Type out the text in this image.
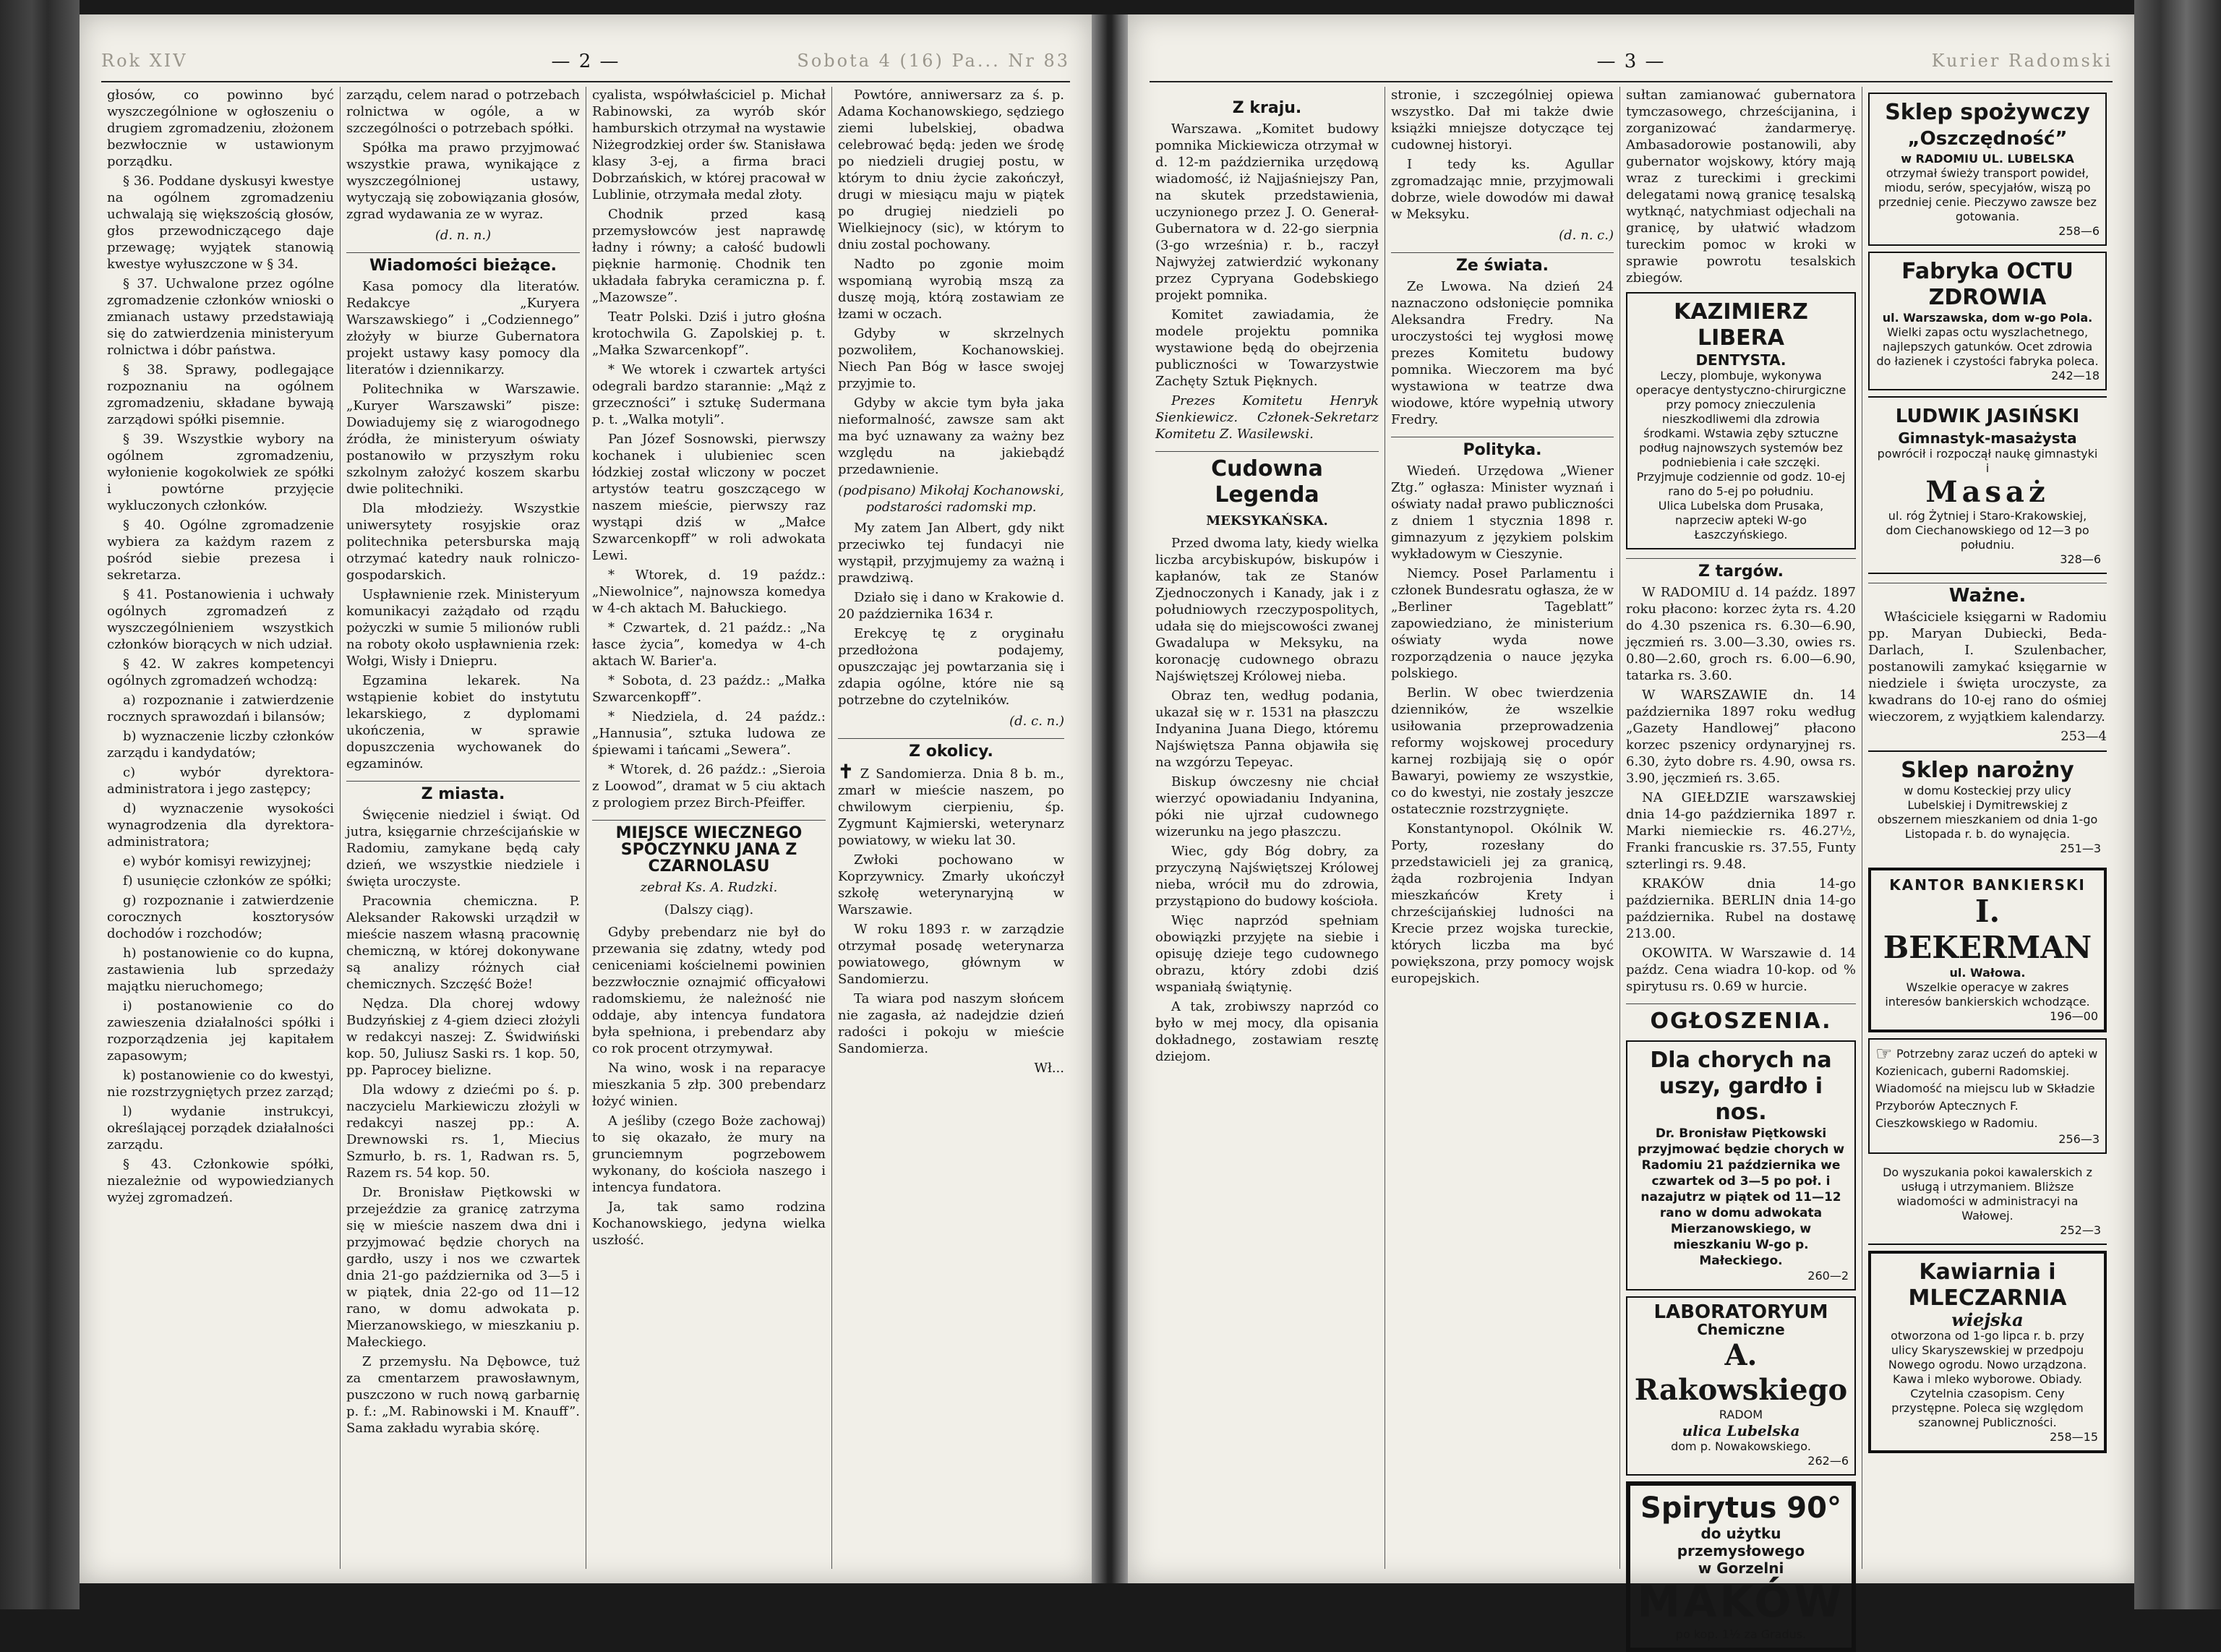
Rok XIV	— 2 —	Sobota 4 (16) Pa... Nr 83

głosów, co powinno być wyszczególnione w ogłoszeniu o drugiem zgromadzeniu, złożonem bezwłocznie w ustawionym porządku.

§ 36. Poddane dyskusyi kwestye na ogólnem zgromadzeniu uchwalają się większością głosów, głos przewodniczącego daje przewagę; wyjątek stanowią kwestye wyłuszczone w § 34.

§ 37. Uchwalone przez ogólne zgromadzenie członków wnioski o zmianach ustawy przedstawiają się do zatwierdzenia ministeryum rolnictwa i dóbr państwa.

§ 38. Sprawy, podlegające rozpoznaniu na ogólnem zgromadzeniu, składane bywają zarządowi spółki pisemnie.

§ 39. Wszystkie wybory na ogólnem zgromadzeniu, wyłonienie kogokolwiek ze spółki i powtórne przyjęcie wykluczonych członków.

§ 40. Ogólne zgromadzenie wybiera za każdym razem z pośród siebie prezesa i sekretarza.

§ 41. Postanowienia i uchwały ogólnych zgromadzeń z wyszczególnieniem wszystkich członków biorących w nich udział.

§ 42. W zakres kompetencyi ogólnych zgromadzeń wchodzą:

a) rozpoznanie i zatwierdzenie rocznych sprawozdań i bilansów;

b) wyznaczenie liczby członków zarządu i kandydatów;

c) wybór dyrektora-administratora i jego zastępcy;

d) wyznaczenie wysokości wynagrodzenia dla dyrektora-administratora;

e) wybór komisyi rewizyjnej;

f) usunięcie członków ze spółki;

g) rozpoznanie i zatwierdzenie corocznych kosztorysów dochodów i rozchodów;

h) postanowienie co do kupna, zastawienia lub sprzedaży majątku nieruchomego;

i) postanowienie co do zawieszenia działalności spółki i rozporządzenia jej kapitałem zapasowym;

k) postanowienie co do kwestyi, nie rozstrzygniętych przez zarząd;

l) wydanie instrukcyi, określającej porządek działalności zarządu.

§ 43. Członkowie spółki, niezależnie od wypowiedzianych wyżej zgromadzeń.

zarządu, celem narad o potrzebach rolnictwa w ogóle, a w szczególności o potrzebach spółki.

Spółka ma prawo przyjmować wszystkie prawa, wynikające z wyszczególnionej ustawy, wytyczają się zobowiązania głosów, zgrad wydawania ze w wyraz.

(d. n. n.)
Wiadomości bieżące.

Kasa pomocy dla literatów. Redakcye „Kuryera Warszawskiego” i „Codziennego” złożyły w biurze Gubernatora projekt ustawy kasy pomocy dla literatów i dziennikarzy.

Politechnika w Warszawie. „Kuryer Warszawski” pisze: Dowiadujemy się z wiarogodnego źródła, że ministeryum oświaty postanowiło w przyszłym roku szkolnym założyć koszem skarbu dwie politechniki.

Dla młodzieży. Wszystkie uniwersytety rosyjskie oraz politechnika petersburska mają otrzymać katedry nauk rolniczo-gospodarskich.

Uspławnienie rzek. Ministeryum komunikacyi zażądało od rządu pożyczki w sumie 5 milionów rubli na roboty około uspławnienia rzek: Wołgi, Wisły i Dniepru.

Egzamina lekarek. Na wstąpienie kobiet do instytutu lekarskiego, z dyplomami ukończenia, w sprawie dopuszczenia wychowanek do egzaminów.

Z miasta.

Święcenie niedziel i świąt. Od jutra, księgarnie chrześcijańskie w Radomiu, zamykane będą cały dzień, we wszystkie niedziele i święta uroczyste.

Pracownia chemiczna. P. Aleksander Rakowski urządził w mieście naszem własną pracownię chemiczną, w której dokonywane są analizy różnych ciał chemicznych. Szczęść Boże!

Nędza. Dla chorej wdowy Budzyńskiej z 4-giem dzieci złożyli w redakcyi naszej: Z. Świdwiński kop. 50, Juliusz Saski rs. 1 kop. 50, pp. Paprocey bielizne.

Dla wdowy z dziećmi po ś. p. naczycielu Markiewiczu złożyli w redakcyi naszej pp.: A. Drewnowski rs. 1, Miecius Szmurło, b. rs. 1, Radwan rs. 5, Razem rs. 54 kop. 50.

Dr. Bronisław Piętkowski w przejeździe za granicę zatrzyma się w mieście naszem dwa dni i przyjmować będzie chorych na gardło, uszy i nos we czwartek dnia 21-go października od 3—5 i w piątek, dnia 22-go od 11—12 rano, w domu adwokata p. Mierzanowskiego, w mieszkaniu p. Małeckiego.

Z przemysłu. Na Dębowce, tuż za cmentarzem prawosławnym, puszczono w ruch nową garbarnię p. f.: „M. Rabinowski i M. Knauff”. Sama zakładu wyrabia skórę.

cyalista, współwłaściciel p. Michał Rabinowski, za wyrób skór hamburskich otrzymał na wystawie Niżegrodzkiej order św. Stanisława klasy 3-ej, a firma braci Dobrzańskich, w której pracował w Lublinie, otrzymała medal złoty.

Chodnik przed kasą przemysłowców jest naprawdę ładny i równy; a całość budowli pięknie harmonię. Chodnik ten układała fabryka ceramiczna p. f. „Mazowsze”.

Teatr Polski. Dziś i jutro głośna krotochwila G. Zapolskiej p. t. „Małka Szwarcenkopf”.

* We wtorek i czwartek artyści odegrali bardzo starannie: „Mąż z grzeczności” i sztukę Sudermana p. t. „Walka motyli”.

Pan Józef Sosnowski, pierwszy kochanek i ulubieniec scen łódzkiej został wliczony w poczet artystów teatru goszczącego w naszem mieście, pierwszy raz wystąpi dziś w „Małce Szwarcenkopff” w roli adwokata Lewi.

* Wtorek, d. 19 paźdz.: „Niewolnice”, najnowsza komedya w 4-ch aktach M. Bałuckiego.

* Czwartek, d. 21 paźdz.: „Na łasce życia”, komedya w 4-ch aktach W. Barier'a.

* Sobota, d. 23 paźdz.: „Małka Szwarcenkopff”.

* Niedziela, d. 24 paźdz.: „Hannusia”, sztuka ludowa ze śpiewami i tańcami „Sewera”.

* Wtorek, d. 26 paźdz.: „Sieroia z Loowod”, dramat w 5 ciu aktach z prologiem przez Birch-Pfeiffer.

MIEJSCE WIECZNEGO SPOCZYNKU JANA Z CZARNOLASU
zebrał Ks. A. Rudzki.
(Dalszy ciąg).

Gdyby prebendarz nie był do przewania się zdatny, wtedy pod ceniceniami kościelnemi powinien bezzwłocznie oznajmić officyałowi radomskiemu, że należność nie oddaje, aby intencya fundatora była spełniona, i prebendarz aby co rok procent otrzymywał.

Na wino, wosk i na reparacye mieszkania 5 złp. 300 prebendarz łożyć winien.

A jeśliby (czego Boże zachowaj) to się okazało, że mury na grunciemnym pogrzebowem wykonany, do kościoła naszego i intencya fundatora.

Ja, tak samo rodzina Kochanowskiego, jedyna wielka uszłość.

Powtóre, anniwersarz za ś. p. Adama Kochanowskiego, sędziego ziemi lubelskiej, obadwa celebrować będą: jeden we środę po niedzieli drugiej postu, w którym to dniu życie zakończył, drugi w miesiącu maju w piątek po drugiej niedzieli po Wielkiejnocy (sic), w którym to dniu zostal pochowany.

Nadto po zgonie moim wspomianą wyrobią mszą za duszę moją, którą zostawiam ze łzami w oczach.

Gdyby w skrzelnych pozwoliłem, Kochanowskiej. Niech Pan Bóg w łasce swojej przyjmie to.

Gdyby w akcie tym była jaka nieformalność, zawsze sam akt ma być uznawany za ważny bez względu na jakiebądź przedawnienie.

(podpisano) Mikołaj Kochanowski, podstarości radomski mp.

My zatem Jan Albert, gdy nikt przeciwko tej fundacyi nie wystąpił, przyjmujemy za ważną i prawdziwą.

Działo się i dano w Krakowie d. 20 października 1634 r.

Erekcyę tę z oryginału przedłożona podajemy, opuszczając jej powtarzania się i zdapia ogólne, które nie są potrzebne do czytelników.

(d. c. n.)
Z okolicy.

✝ Z Sandomierza. Dnia 8 b. m., zmarł w mieście naszem, po chwilowym cierpieniu, śp. Zygmunt Kajmierski, weterynarz powiatowy, w wieku lat 30.

Zwłoki pochowano w Koprzywnicy. Zmarły ukończył szkołę weterynaryjną w Warszawie.

W roku 1893 r. w zarządzie otrzymał posadę weterynarza powiatowego, głównym w Sandomierzu.

Ta wiara pod naszym słońcem nie zagasła, aż nadejdzie dzień radości i pokoju w mieście Sandomierza.

Wł...

— 3 —	Kurier Radomski
Z kraju.

Warszawa. „Komitet budowy pomnika Mickiewicza otrzymał w d. 12-m października urzędową wiadomość, iż Najjaśniejszy Pan, na skutek przedstawienia, uczynionego przez J. O. Generał-Gubernatora w d. 22-go sierpnia (3-go września) r. b., raczył Najwyżej zatwierdzić wykonany przez Cypryana Godebskiego projekt pomnika.

Komitet zawiadamia, że modele projektu pomnika wystawione będą do obejrzenia publiczności w Towarzystwie Zachęty Sztuk Pięknych.

Prezes Komitetu Henryk Sienkiewicz. Członek-Sekretarz Komitetu Z. Wasilewski.

Cudowna Legenda
MEKSYKAŃSKA.

Przed dwoma laty, kiedy wielka liczba arcybiskupów, biskupów i kapłanów, tak ze Stanów Zjednoczonych i Kanady, jak i z południowych rzeczypospolitych, udała się do miejscowości zwanej Gwadalupa w Meksyku, na koronację cudownego obrazu Najświętszej Królowej nieba.

Obraz ten, według podania, ukazał się w r. 1531 na płaszczu Indyanina Juana Diego, któremu Najświętsza Panna objawiła się na wzgórzu Tepeyac.

Biskup ówczesny nie chciał wierzyć opowiadaniu Indyanina, póki nie ujrzał cudownego wizerunku na jego płaszczu.

Wiec, gdy Bóg dobry, za przyczyną Najświętszej Królowej nieba, wrócił mu do zdrowia, przystąpiono do budowy kościoła.

Więc naprzód spełniam obowiązki przyjęte na siebie i opisuję dzieje tego cudownego obrazu, który zdobi dziś wspaniałą świątynię.

A tak, zrobiwszy naprzód co było w mej mocy, dla opisania dokładnego, zostawiam resztę dziejom.

stronie, i szczególniej opiewa wszystko. Dał mi także dwie książki mniejsze dotyczące tej cudownej historyi.

I tedy ks. Agullar zgromadzając mnie, przyjmowali dobrze, wiele dowodów mi dawał w Meksyku.

(d. n. c.)
Ze świata.

Ze Lwowa. Na dzień 24 naznaczono odsłonięcie pomnika Aleksandra Fredry. Na uroczystości tej wygłosi mowę prezes Komitetu budowy pomnika. Wieczorem ma być wystawiona w teatrze dwa wiodowe, które wypełnią utwory Fredry.

Polityka.

Wiedeń. Urzędowa „Wiener Ztg.” ogłasza: Minister wyznań i oświaty nadał prawo publiczności z dniem 1 stycznia 1898 r. gimnazyum z językiem polskim wykładowym w Cieszynie.

Niemcy. Poseł Parlamentu i członek Bundesratu ogłasza, że w „Berliner Tageblatt” zapowiedziano, że ministerium oświaty wyda nowe rozporządzenia o nauce języka polskiego.

Berlin. W obec twierdzenia dzienników, że wszelkie usiłowania przeprowadzenia reformy wojskowej procedury karnej rozbijają się o opór Bawaryi, powiemy ze wszystkie, co do kwestyi, nie zostały jeszcze ostatecznie rozstrzygnięte.

Konstantynopol. Okólnik W. Porty, rozesłany do przedstawicieli jej za granicą, żąda rozbrojenia Indyan mieszkańców Krety i chrześcijańskiej ludności na Krecie przez wojska tureckie, których liczba ma być powiększona, przy pomocy wojsk europejskich.

sułtan zamianować gubernatora tymczasowego, chrześcijanina, i zorganizować żandarmeryę. Ambasadorowie postanowili, aby gubernator wojskowy, który mają wraz z tureckimi i greckimi delegatami nową granicę tesalską wytknąć, natychmiast odjechali na granicę, by ułatwić władzom tureckim pomoc w kroki w sprawie powrotu tesalskich zbiegów.

KAZIMIERZ LIBERA
DENTYSTA.
Leczy, plombuje, wykonywa operacye dentystyczno-chirurgiczne przy pomocy znieczulenia nieszkodliwemi dla zdrowia środkami. Wstawia zęby sztuczne podług najnowszych systemów bez podniebienia i całe szczęki.
Przyjmuje codziennie od godz. 10-ej rano do 5-ej po południu.
Ulica Lubelska dom Prusaka, naprzeciw apteki W-go Łaszczyńskiego.
Z targów.

W RADOMIU d. 14 paźdz. 1897 roku płacono: korzec żyta rs. 4.20 do 4.30 pszenica rs. 6.30—6.90, jęczmień rs. 3.00—3.30, owies rs. 0.80—2.60, groch rs. 6.00—6.90, tatarka rs. 3.60.

W WARSZAWIE dn. 14 października 1897 roku według „Gazety Handlowej” płacono korzec pszenicy ordynaryjnej rs. 6.30, żyto dobre rs. 4.90, owsa rs. 3.90, jęczmień rs. 3.65.

NA GIEŁDZIE warszawskiej dnia 14-go października 1897 r. Marki niemieckie rs. 46.27½, Franki francuskie rs. 37.55, Funty szterlingi rs. 9.48.

KRAKÓW dnia 14-go października. BERLIN dnia 14-go października. Rubel na dostawę 213.00.

OKOWITA. W Warszawie d. 14 paźdz. Cena wiadra 10-kop. od % spirytusu rs. 0.69 w hurcie.

OGŁOSZENIA.
Dla chorych na uszy, gardło i nos.
Dr. Bronisław Piętkowski przyjmować będzie chorych w Radomiu 21 października we czwartek od 3—5 po poł. i nazajutrz w piątek od 11—12 rano w domu adwokata Mierzanowskiego, w mieszkaniu W-go p. Małeckiego.
260—2
LABORATORYUM
Chemiczne
A. Rakowskiego
RADOM
ulica Lubelska
dom p. Nowakowskiego.
262—6
Spirytus 90°
do użytku przemysłowego
w Gorzelni
MAKÓW
po kop. 1½ za Gradus.
Sklep spożywczy
„Oszczędność”
w RADOMIU UL. LUBELSKA
otrzymał świeży transport powideł, miodu, serów, specyjałów, wiszą po przedniej cenie. Pieczywo zawsze bez gotowania.
258—6
Fabryka OCTU ZDROWIA
ul. Warszawska, dom w-go Pola.
Wielki zapas octu wyszlachetnego, najlepszych gatunków. Ocet zdrowia do łazienek i czystości fabryka poleca.
242—18
LUDWIK JASIŃSKI
Gimnastyk-masażysta
powrócił i rozpoczął naukę gimnastyki i
Masaż
ul. róg Żytniej i Staro-Krakowskiej, dom Ciechanowskiego od 12—3 po południu.
328—6
Ważne.

Właściciele księgarni w Radomiu pp. Maryan Dubiecki, Beda-Darlach, I. Szulenbacher, postanowili zamykać księgarnie w niedziele i święta uroczyste, za kwadrans do 10-ej rano do ośmiej wieczorem, z wyjątkiem kalendarzy.

253—4

Sklep narożny
w domu Kosteckiej przy ulicy Lubelskiej i Dymitrewskiej z obszernem mieszkaniem od dnia 1-go Listopada r. b. do wynajęcia.
251—3
KANTOR BANKIERSKI
I. BEKERMAN
ul. Wałowa.
Wszelkie operacye w zakres interesów bankierskich wchodzące.
196—00
☞ Potrzebny zaraz uczeń do apteki w Kozienicach, guberni Radomskiej. Wiadomość na miejscu lub w Składzie Przyborów Aptecznych F. Cieszkowskiego w Radomiu.
256—3
Do wyszukania pokoi kawalerskich z usługą i utrzymaniem. Bliższe wiadomości w administracyi na Wałowej.
252—3
Kawiarnia i MLECZARNIA
wiejska
otworzona od 1-go lipca r. b. przy ulicy Skaryszewskiej w przedpoju Nowego ogrodu. Nowo urządzona. Kawa i mleko wyborowe. Obiady. Czytelnia czasopism. Ceny przystępne. Poleca się względom szanownej Publiczności.
258—15
